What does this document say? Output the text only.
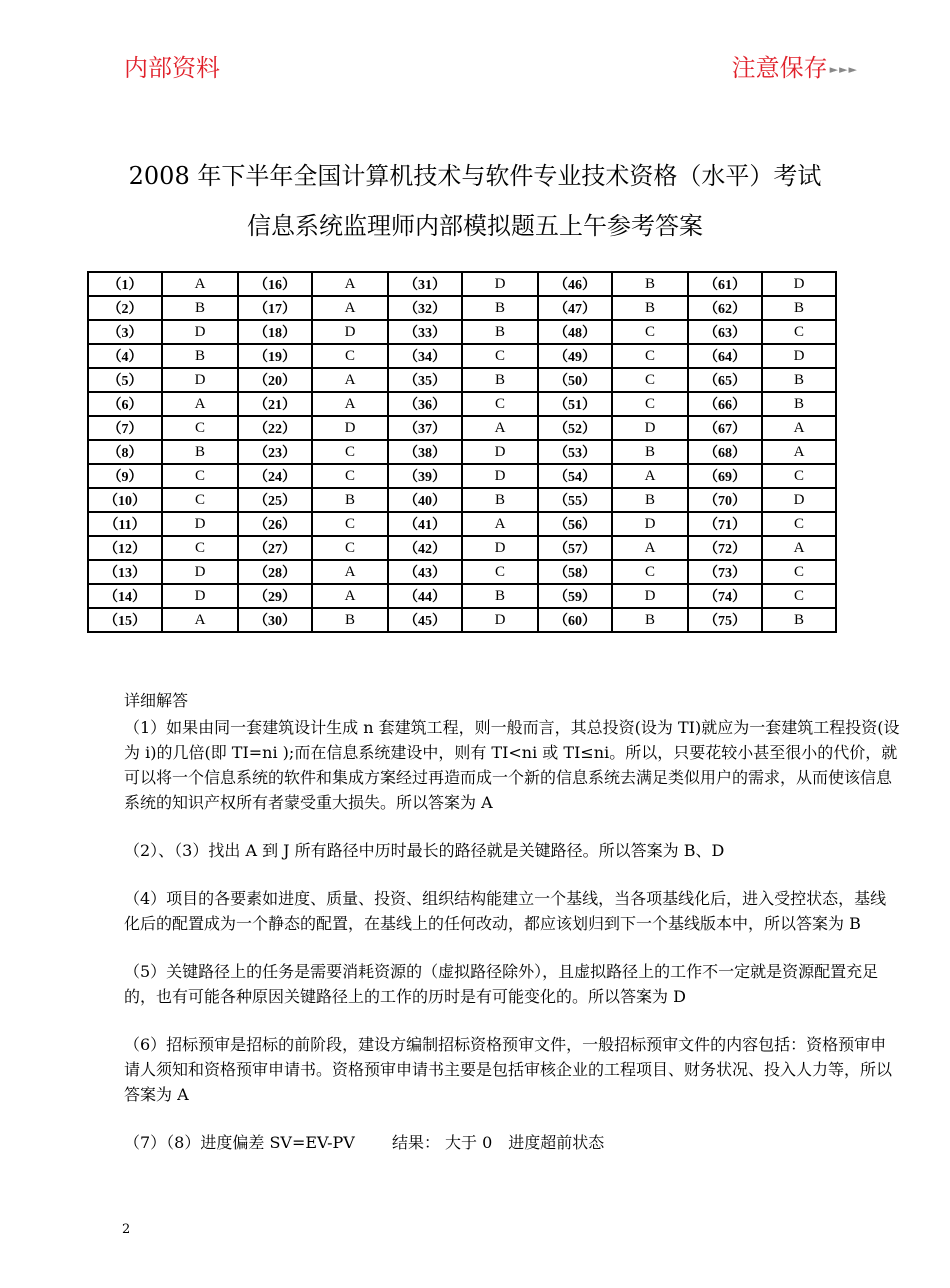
内部资料	注意保存 ►►►
2008 年下半年全国计算机技术与软件专业技术资格（水平）考试
信息系统监理师内部模拟题五上午参考答案
（1）	A	（16）	A	（31）	D	（46）	B	（61）	D
（2）	B	（17）	A	（32）	B	（47）	B	（62）	B
（3）	D	（18）	D	（33）	B	（48）	C	（63）	C
（4）	B	（19）	C	（34）	C	（49）	C	（64）	D
（5）	D	（20）	A	（35）	B	（50）	C	（65）	B
（6）	A	（21）	A	（36）	C	（51）	C	（66）	B
（7）	C	（22）	D	（37）	A	（52）	D	（67）	A
（8）	B	（23）	C	（38）	D	（53）	B	（68）	A
（9）	C	（24）	C	（39）	D	（54）	A	（69）	C
（10）	C	（25）	B	（40）	B	（55）	B	（70）	D
（11）	D	（26）	C	（41）	A	（56）	D	（71）	C
（12）	C	（27）	C	（42）	D	（57）	A	（72）	A
（13）	D	（28）	A	（43）	C	（58）	C	（73）	C
（14）	D	（29）	A	（44）	B	（59）	D	（74）	C
（15）	A	（30）	B	（45）	D	（60）	B	（75）	B

详细解答

（1）如果由同一套建筑设计生成 n 套建筑工程，则一般而言，其总投资(设为 TI)就应为一套建筑工程投资(设为 i)的几倍(即 TI=ni );而在信息系统建设中，则有 TI<ni 或 TI≤ni。所以，只要花较小甚至很小的代价，就可以将一个信息系统的软件和集成方案经过再造而成一个新的信息系统去满足类似用户的需求，从而使该信息系统的知识产权所有者蒙受重大损失。所以答案为 A

（2）、（3）找出 A 到 J 所有路径中历时最长的路径就是关键路径。所以答案为 B、D

（4）项目的各要素如进度、质量、投资、组织结构能建立一个基线，当各项基线化后，进入受控状态，基线化后的配置成为一个静态的配置，在基线上的任何改动，都应该划归到下一个基线版本中，所以答案为 B

（5）关键路径上的任务是需要消耗资源的（虚拟路径除外），且虚拟路径上的工作不一定就是资源配置充足的，也有可能各种原因关键路径上的工作的历时是有可能变化的。所以答案为 D

（6）招标预审是招标的前阶段，建设方编制招标资格预审文件，一般招标预审文件的内容包括：资格预审申请人须知和资格预审申请书。资格预审申请书主要是包括审核企业的工程项目、财务状况、投入人力等，所以答案为 A

（7）（8）进度偏差 SV=EV-PV　　 结果： 大于 0　进度超前状态

2
